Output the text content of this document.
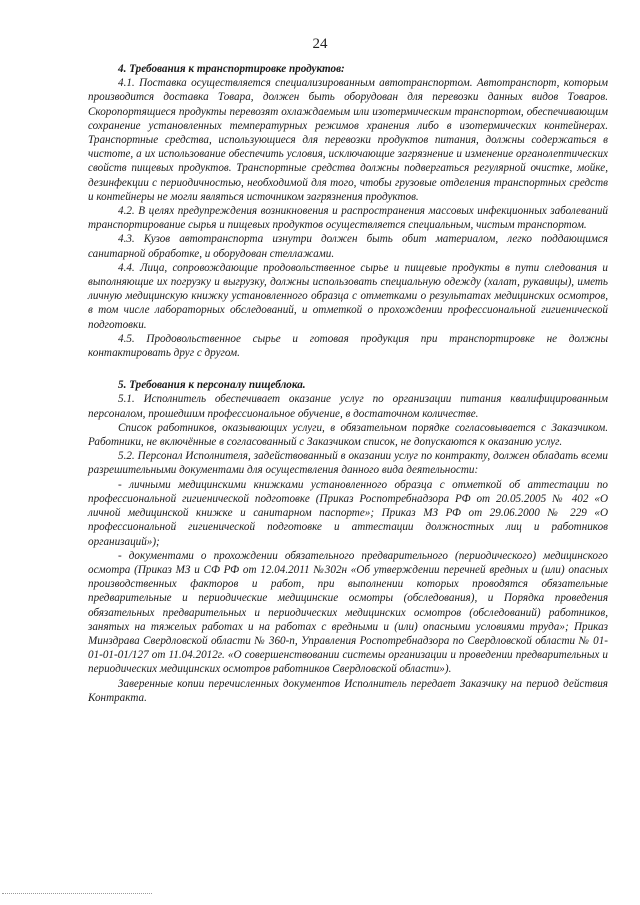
24

4. Требования к транспортировке продуктов:

4.1. Поставка осуществляется специализированным автотранспортом. Автотранспорт, которым производится доставка Товара, должен быть оборудован для перевозки данных видов Товаров. Скоропортящиеся продукты перевозят охлаждаемым или изотермическим транспортом, обеспечивающим сохранение установленных температурных режимов хранения либо в изотермических контейнерах. Транспортные средства, использующиеся для перевозки продуктов питания, должны содержаться в чистоте, а их использование обеспечить условия, исключающие загрязнение и изменение органолептических свойств пищевых продуктов. Транспортные средства должны подвергаться регулярной очистке, мойке, дезинфекции с периодичностью, необходимой для того, чтобы грузовые отделения транспортных средств и контейнеры не могли являться источником загрязнения продуктов.

4.2. В целях предупреждения возникновения и распространения массовых инфекционных заболеваний транспортирование сырья и пищевых продуктов осуществляется специальным, чистым транспортом.

4.3. Кузов автотранспорта изнутри должен быть обит материалом, легко поддающимся санитарной обработке, и оборудован стеллажами.

4.4. Лица, сопровождающие продовольственное сырье и пищевые продукты в пути следования и выполняющие их погрузку и выгрузку, должны использовать специальную одежду (халат, рукавицы), иметь личную медицинскую книжку установленного образца с отметками о результатах медицинских осмотров, в том числе лабораторных обследований, и отметкой о прохождении профессиональной гигиенической подготовки.

4.5. Продовольственное сырье и готовая продукция при транспортировке не должны контактировать друг с другом.

5. Требования к персоналу пищеблока.

5.1. Исполнитель обеспечивает оказание услуг по организации питания квалифицированным персоналом, прошедшим профессиональное обучение, в достаточном количестве.

Список работников, оказывающих услуги, в обязательном порядке согласовывается с Заказчиком. Работники, не включённые в согласованный с Заказчиком список, не допускаются к оказанию услуг.

5.2. Персонал Исполнителя, задействованный в оказании услуг по контракту, должен обладать всеми разрешительными документами для осуществления данного вида деятельности:

- личными медицинскими книжками установленного образца с отметкой об аттестации по профессиональной гигиенической подготовке (Приказ Роспотребнадзора РФ от 20.05.2005 № 402 «О личной медицинской книжке и санитарном паспорте»; Приказ МЗ РФ от 29.06.2000 № 229 «О профессиональной гигиенической подготовке и аттестации должностных лиц и работников организаций»);

- документами о прохождении обязательного предварительного (периодического) медицинского осмотра (Приказ МЗ и СФ РФ от 12.04.2011 №302н «Об утверждении перечней вредных и (или) опасных производственных факторов и работ, при выполнении которых проводятся обязательные предварительные и периодические медицинские осмотры (обследования), и Порядка проведения обязательных предварительных и периодических медицинских осмотров (обследований) работников, занятых на тяжелых работах и на работах с вредными и (или) опасными условиями труда»; Приказ Минздрава Свердловской области № 360-п, Управления Роспотребнадзора по Свердловской области № 01-01-01-01/127 от 11.04.2012г. «О совершенствовании системы организации и проведении предварительных и периодических медицинских осмотров работников Свердловской области»).

Заверенные копии перечисленных документов Исполнитель передает Заказчику на период действия Контракта.
